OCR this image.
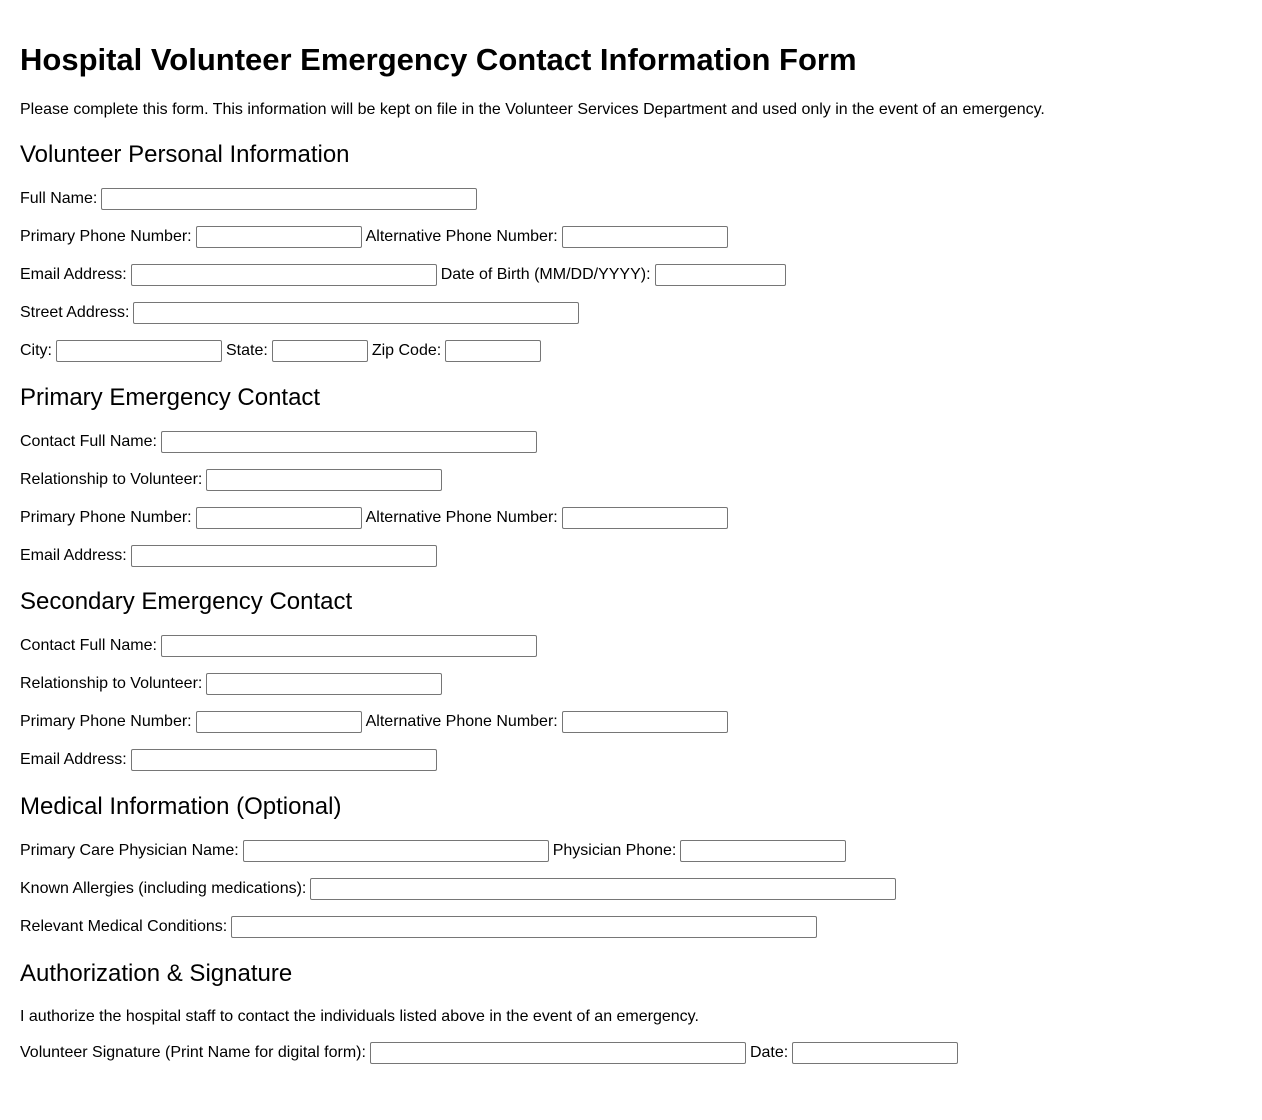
Hospital Volunteer Emergency Contact Information Form

Please complete this form. This information will be kept on file in the Volunteer Services Department and used only in the event of an emergency.

Volunteer Personal Information
Full Name:
Primary Phone Number:	Alternative Phone Number:
Email Address:	Date of Birth (MM/DD/YYYY):
Street Address:
City:	State:	Zip Code:
Primary Emergency Contact
Contact Full Name:
Relationship to Volunteer:
Primary Phone Number:	Alternative Phone Number:
Email Address:
Secondary Emergency Contact
Contact Full Name:
Relationship to Volunteer:
Primary Phone Number:	Alternative Phone Number:
Email Address:
Medical Information (Optional)
Primary Care Physician Name:	Physician Phone:
Known Allergies (including medications):
Relevant Medical Conditions:
Authorization & Signature

I authorize the hospital staff to contact the individuals listed above in the event of an emergency.

Volunteer Signature (Print Name for digital form):	Date:
